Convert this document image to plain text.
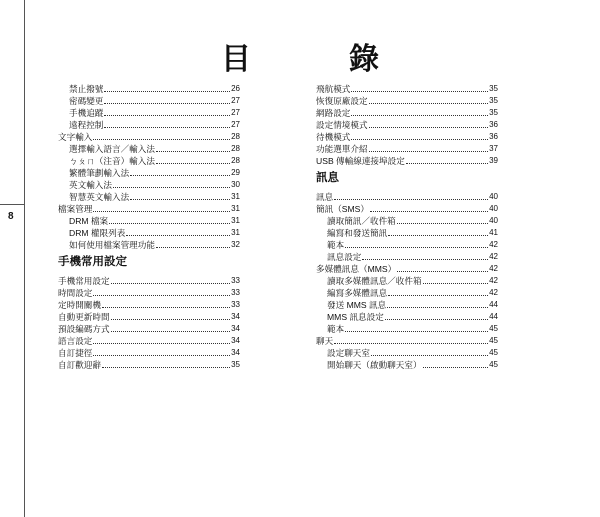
8
目　錄
禁止撥號	26
密碼變更	27
手機追蹤	27
遠程控制	27
文字輸入	28
選擇輸入語言／輸入法	28
ㄅㄆㄇ（注音）輸入法	28
繁體筆劃輸入法	29
英文輸入法	30
智慧英文輸入法	31
檔案管理	31
DRM 檔案	31
DRM 權限列表	31
如何使用檔案管理功能	32
手機常用設定
手機常用設定	33
時間設定	33
定時開關機	33
自動更新時間	34
預設編碼方式	34
語言設定	34
自訂捷徑	34
自訂歡迎辭	35
飛航模式	35
恢復原廠設定	35
網路設定	35
設定情境模式	36
待機模式	36
功能選單介紹	37
USB 傳輸線連接埠設定	39
訊息
訊息	40
簡訊（SMS）	40
讀取簡訊／收件箱	40
編寫和發送簡訊	41
範本	42
訊息設定	42
多媒體訊息（MMS）	42
讀取多媒體訊息／收件箱	42
編寫多媒體訊息	42
發送 MMS 訊息	44
MMS 訊息設定	44
範本	45
聊天	45
設定聊天室	45
開始聊天（啟動聊天室）	45
